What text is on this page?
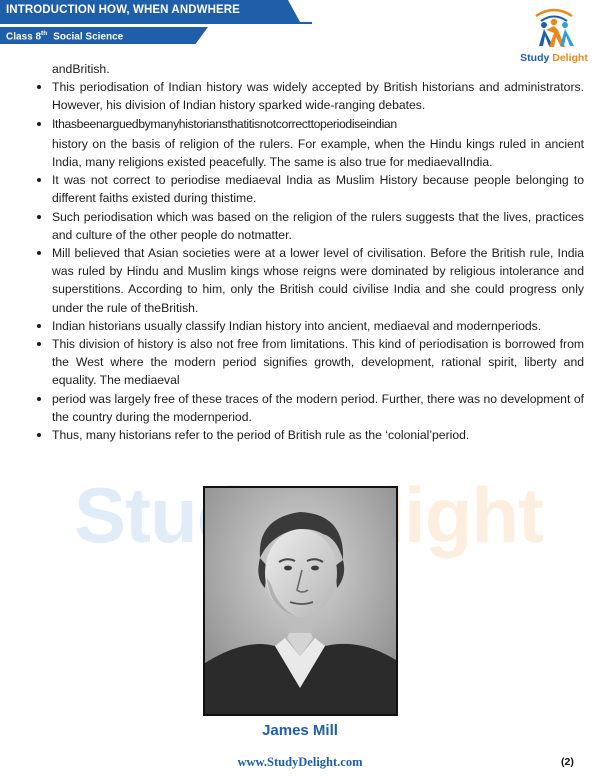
INTRODUCTION HOW, WHEN ANDWHERE
Class 8th Social Science
Study Delight
StudyDelight

andBritish.

This periodisation of Indian history was widely accepted by British historians and administrators. However, his division of Indian history sparked wide-ranging debates.

Ithasbeenarguedbymanyhistoriansthatitisnotcorrecttoperiodiseindian

history on the basis of religion of the rulers. For example, when the Hindu kings ruled in ancient India, many religions existed peacefully. The same is also true for mediaevalIndia.

It was not correct to periodise mediaeval India as Muslim History because people belonging to different faiths existed during thistime.

Such periodisation which was based on the religion of the rulers suggests that the lives, practices and culture of the other people do notmatter.

Mill believed that Asian societies were at a lower level of civilisation. Before the British rule, India was ruled by Hindu and Muslim kings whose reigns were dominated by religious intolerance and superstitions. According to him, only the British could civilise India and she could progress only under the rule of theBritish.

Indian historians usually classify Indian history into ancient, mediaeval and modernperiods.

This division of history is also not free from limitations. This kind of periodisation is borrowed from the West where the modern period signifies growth, development, rational spirit, liberty and equality. The mediaeval

period was largely free of these traces of the modern period. Further, there was no development of the country during the modernperiod.

Thus, many historians refer to the period of British rule as the ‘colonial’period.

James Mill
www.StudyDelight.com	(2)
